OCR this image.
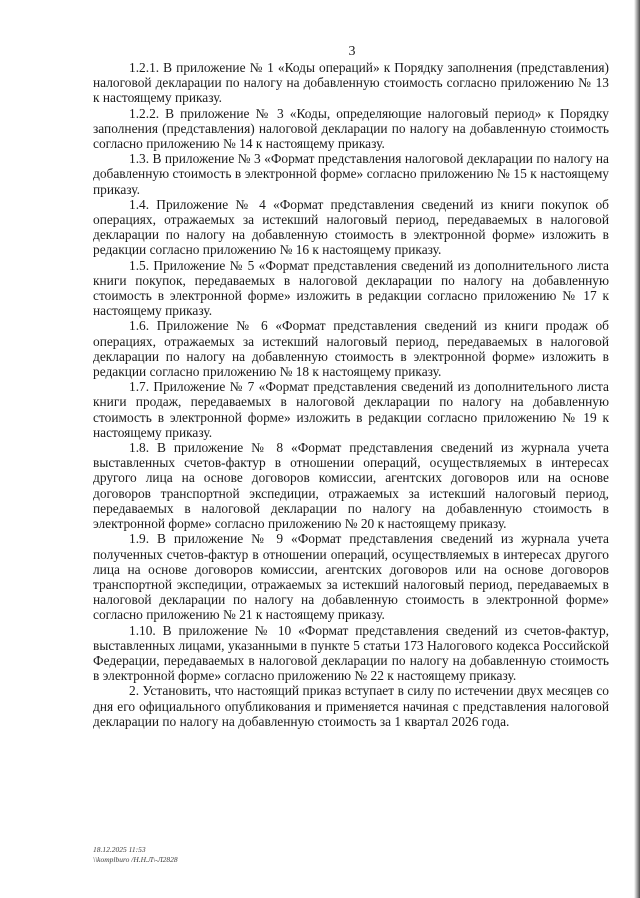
3

1.2.1. В приложение № 1 «Коды операций» к Порядку заполнения (представления) налоговой декларации по налогу на добавленную стоимость согласно приложению № 13 к настоящему приказу.

1.2.2. В приложение № 3 «Коды, определяющие налоговый период» к Порядку заполнения (представления) налоговой декларации по налогу на добавленную стоимость согласно приложению № 14 к настоящему приказу.

1.3. В приложение № 3 «Формат представления налоговой декларации по налогу на добавленную стоимость в электронной форме» согласно приложению № 15 к настоящему приказу.

1.4. Приложение № 4 «Формат представления сведений из книги покупок об операциях, отражаемых за истекший налоговый период, передаваемых в налоговой декларации по налогу на добавленную стоимость в электронной форме» изложить в редакции согласно приложению № 16 к настоящему приказу.

1.5. Приложение № 5 «Формат представления сведений из дополнительного листа книги покупок, передаваемых в налоговой декларации по налогу на добавленную стоимость в электронной форме» изложить в редакции согласно приложению № 17 к настоящему приказу.

1.6. Приложение № 6 «Формат представления сведений из книги продаж об операциях, отражаемых за истекший налоговый период, передаваемых в налоговой декларации по налогу на добавленную стоимость в электронной форме» изложить в редакции согласно приложению № 18 к настоящему приказу.

1.7. Приложение № 7 «Формат представления сведений из дополнительного листа книги продаж, передаваемых в налоговой декларации по налогу на добавленную стоимость в электронной форме» изложить в редакции согласно приложению № 19 к настоящему приказу.

1.8. В приложение № 8 «Формат представления сведений из журнала учета выставленных счетов-фактур в отношении операций, осуществляемых в интересах другого лица на основе договоров комиссии, агентских договоров или на основе договоров транспортной экспедиции, отражаемых за истекший налоговый период, передаваемых в налоговой декларации по налогу на добавленную стоимость в электронной форме» согласно приложению № 20 к настоящему приказу.

1.9. В приложение № 9 «Формат представления сведений из журнала учета полученных счетов-фактур в отношении операций, осуществляемых в интересах другого лица на основе договоров комиссии, агентских договоров или на основе договоров транспортной экспедиции, отражаемых за истекший налоговый период, передаваемых в налоговой декларации по налогу на добавленную стоимость в электронной форме» согласно приложению № 21 к настоящему приказу.

1.10. В приложение № 10 «Формат представления сведений из счетов-фактур, выставленных лицами, указанными в пункте 5 статьи 173 Налогового кодекса Российской Федерации, передаваемых в налоговой декларации по налогу на добавленную стоимость в электронной форме» согласно приложению № 22 к настоящему приказу.

2. Установить, что настоящий приказ вступает в силу по истечении двух месяцев со дня его официального опубликования и применяется начиная с представления налоговой декларации по налогу на добавленную стоимость за 1 квартал 2026 года.

18.12.2025 11:53
\\komplburo /Н.Н.Л\-Л2828
